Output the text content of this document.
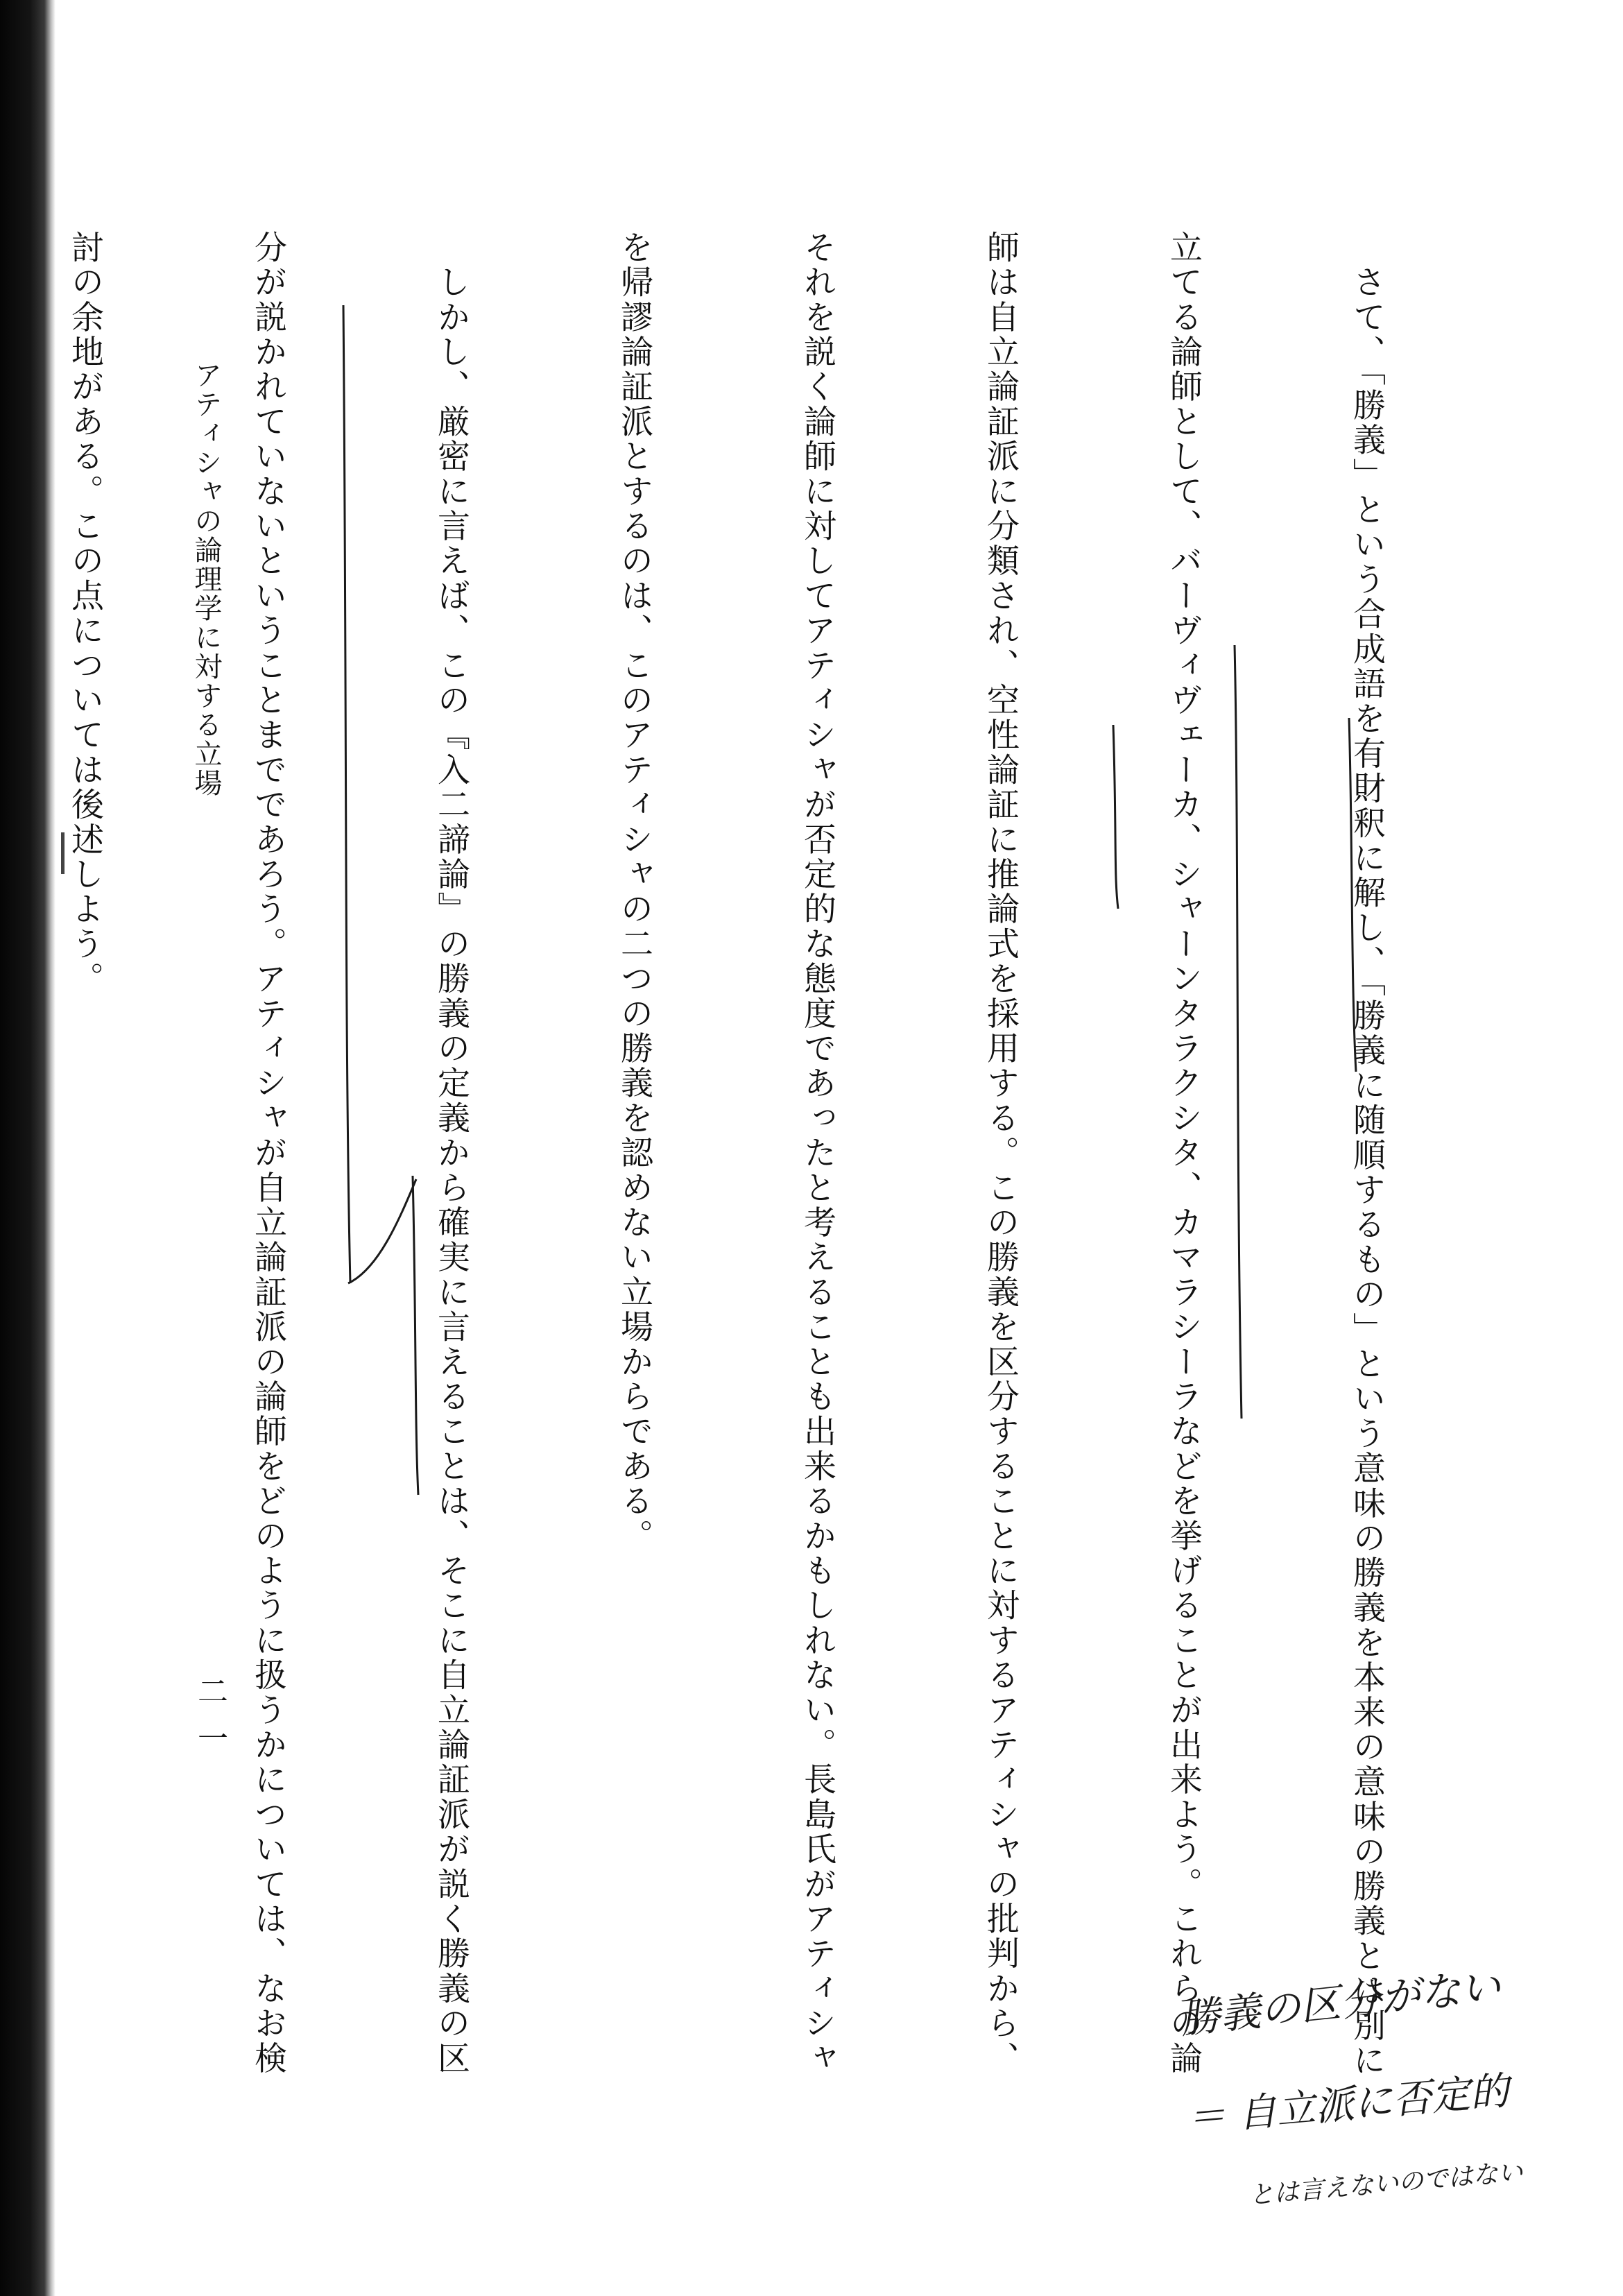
　さて、「勝義」という合成語を有財釈に解し、「勝義に随順するもの」という意味の勝義を本来の意味の勝義とは別に

立てる論師として、バーヴィヴェーカ、シャーンタラクシタ、カマラシーラなどを挙げることが出来よう。これらの論

師は自立論証派に分類され、空性論証に推論式を採用する。この勝義を区分することに対するアティシャの批判から、

それを説く論師に対してアティシャが否定的な態度であったと考えることも出来るかもしれない。長島氏がアティシャ

を帰謬論証派とするのは、このアティシャの二つの勝義を認めない立場からである。

　しかし、厳密に言えば、この『入二諦論』の勝義の定義から確実に言えることは、そこに自立論証派が説く勝義の区

分が説かれていないということまでであろう。アティシャが自立論証派の論師をどのように扱うかについては、なお検

討の余地がある。この点については後述しよう。

	アティシャの論理学に対する立場
二一
勝義の区分がない
＝ 自立派に否定的
とは言えないのではない
